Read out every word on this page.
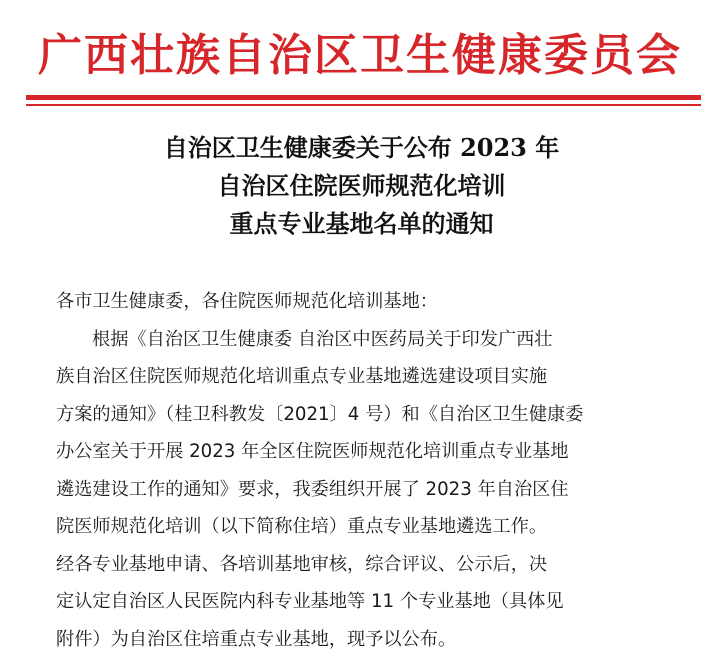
广西壮族自治区卫生健康委员会
自治区卫生健康委关于公布 2023 年
自治区住院医师规范化培训
重点专业基地名单的通知
各市卫生健康委，各住院医师规范化培训基地：
根据《自治区卫生健康委 自治区中医药局关于印发广西壮
族自治区住院医师规范化培训重点专业基地遴选建设项目实施
方案的通知》（桂卫科教发〔2021〕4 号）和《自治区卫生健康委
办公室关于开展 2023 年全区住院医师规范化培训重点专业基地
遴选建设工作的通知》要求，我委组织开展了 2023 年自治区住
院医师规范化培训（以下简称住培）重点专业基地遴选工作。
经各专业基地申请、各培训基地审核，综合评议、公示后，决
定认定自治区人民医院内科专业基地等 11 个专业基地（具体见
附件）为自治区住培重点专业基地，现予以公布。
